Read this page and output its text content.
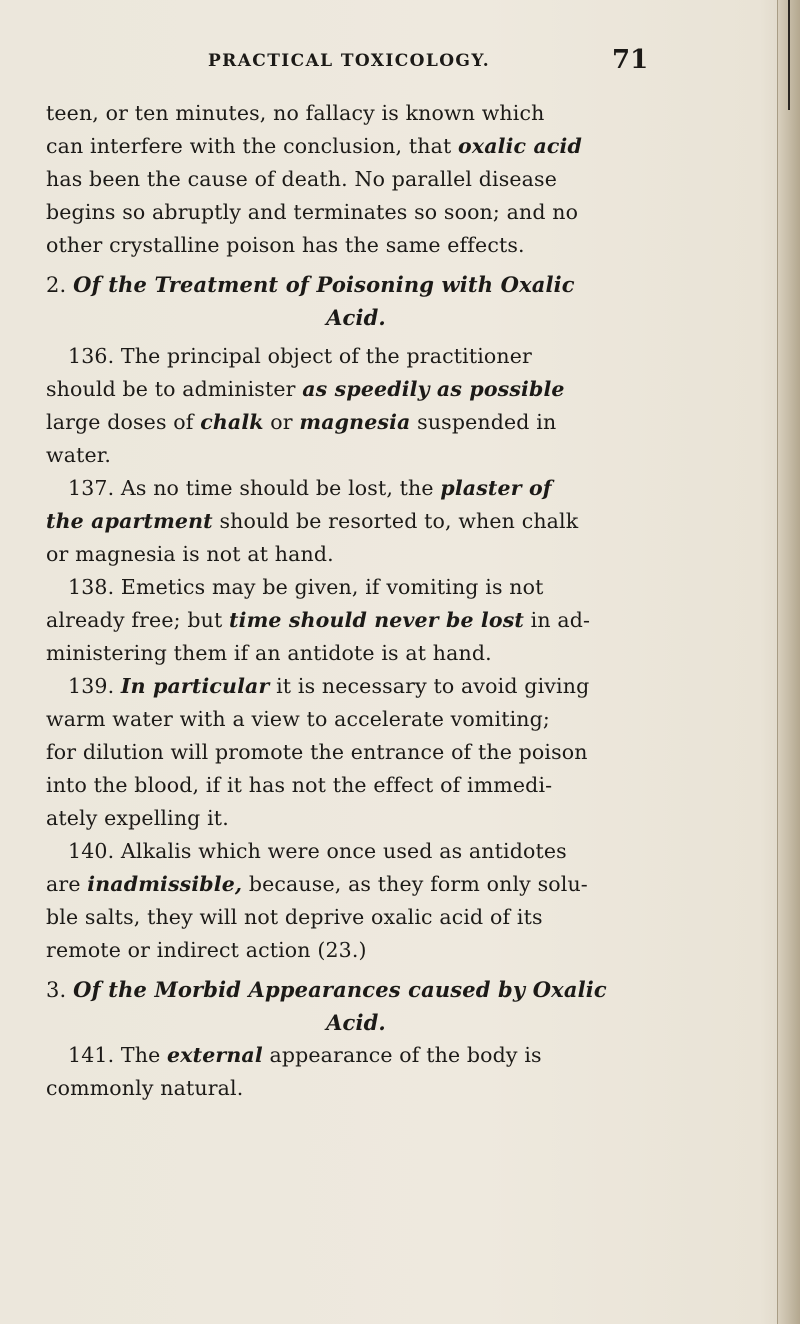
PRACTICAL TOXICOLOGY.	71
teen, or ten minutes, no fallacy is known which
can interfere with the conclusion, that oxalic acid
has been the cause of death. No parallel disease
begins so abruptly and terminates so soon; and no
other crystalline poison has the same effects.
2. Of the Treatment of Poisoning with Oxalic
Acid.
136. The principal object of the practitioner
should be to administer as speedily as possible
large doses of chalk or magnesia suspended in
water.
137. As no time should be lost, the plaster of
the apartment should be resorted to, when chalk
or magnesia is not at hand.
138. Emetics may be given, if vomiting is not
already free; but time should never be lost in ad-
ministering them if an antidote is at hand.
139. In particular it is necessary to avoid giving
warm water with a view to accelerate vomiting;
for dilution will promote the entrance of the poison
into the blood, if it has not the effect of immedi-
ately expelling it.
140. Alkalis which were once used as antidotes
are inadmissible, because, as they form only solu-
ble salts, they will not deprive oxalic acid of its
remote or indirect action (23.)
3. Of the Morbid Appearances caused by Oxalic
Acid.
141. The external appearance of the body is
commonly natural.
